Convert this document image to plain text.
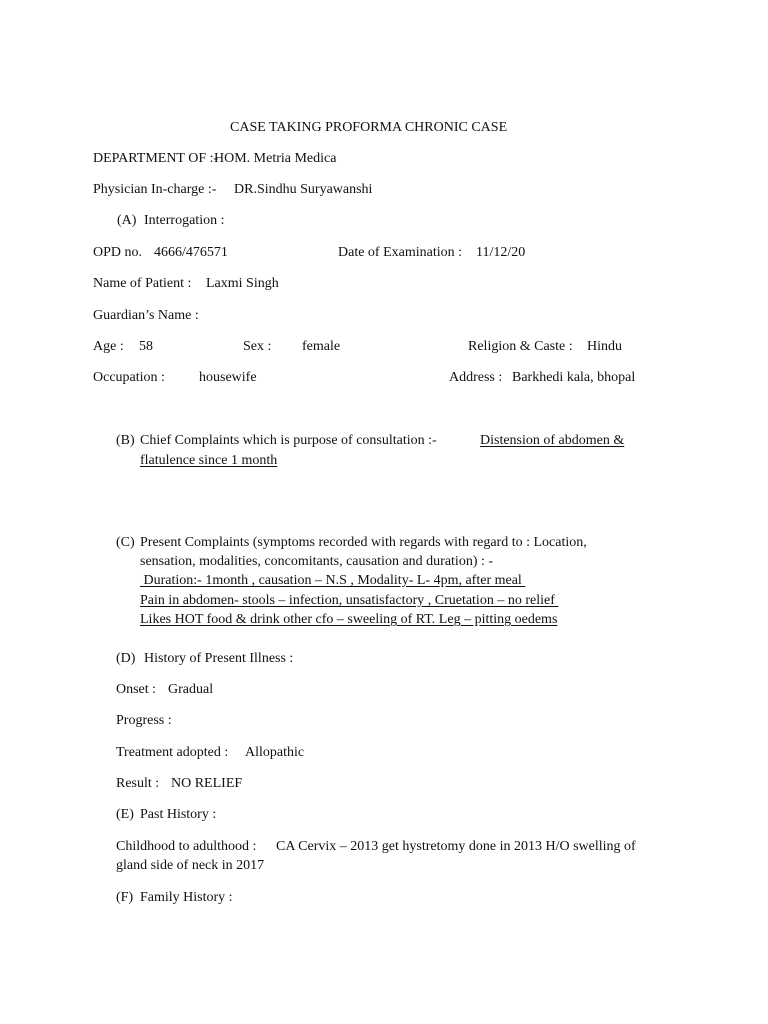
CASE TAKING PROFORMA CHRONIC CASE
DEPARTMENT OF :-
HOM. Metria Medica
Physician In-charge :- DR.Sindhu Suryawanshi
(A) Interrogation :
OPD no. 4666/476571	Date of Examination : 11/12/20
Name of Patient : Laxmi Singh
Guardian’s Name :
Age : 58	Sex : female	Religion & Caste : Hindu
Occupation : housewife	Address : Barkhedi kala, bhopal
(B) Chief Complaints which is purpose of consultation :-	Distension of abdomen &
flatulence since 1 month
(C) Present Complaints (symptoms recorded with regards with regard to : Location,
sensation, modalities, concomitants, causation and duration) : -
Duration:- 1month , causation – N.S , Modality- L- 4pm, after meal
Pain in abdomen- stools – infection, unsatisfactory , Cruetation – no relief
Likes HOT food & drink other cfo – sweeling of RT. Leg – pitting oedems
(D) History of Present Illness :
Onset : Gradual
Progress :
Treatment adopted : Allopathic
Result : NO RELIEF
(E) Past History :
Childhood to adulthood : CA Cervix – 2013 get hystretomy done in 2013 H/O swelling of
gland side of neck in 2017
(F) Family History :
